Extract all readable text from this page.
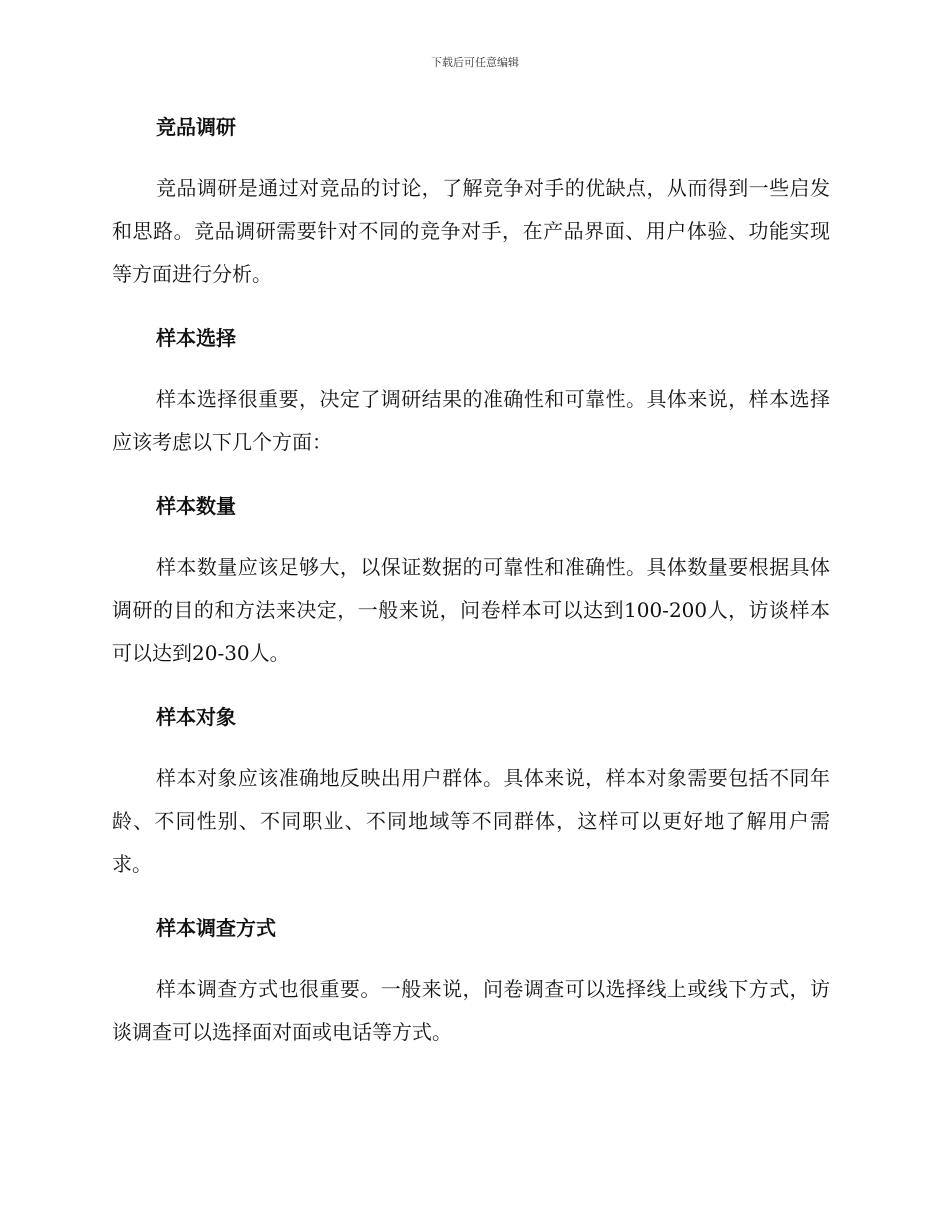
下载后可任意编辑
竞品调研

竞品调研是通过对竞品的讨论，了解竞争对手的优缺点，从而得到一些启发和思路。竞品调研需要针对不同的竞争对手，在产品界面、用户体验、功能实现等方面进行分析。

样本选择

样本选择很重要，决定了调研结果的准确性和可靠性。具体来说，样本选择应该考虑以下几个方面：

样本数量

样本数量应该足够大，以保证数据的可靠性和准确性。具体数量要根据具体调研的目的和方法来决定，一般来说，问卷样本可以达到100-200人，访谈样本可以达到20-30人。

样本对象

样本对象应该准确地反映出用户群体。具体来说，样本对象需要包括不同年龄、不同性别、不同职业、不同地域等不同群体，这样可以更好地了解用户需求。

样本调查方式

样本调查方式也很重要。一般来说，问卷调查可以选择线上或线下方式，访谈调查可以选择面对面或电话等方式。
